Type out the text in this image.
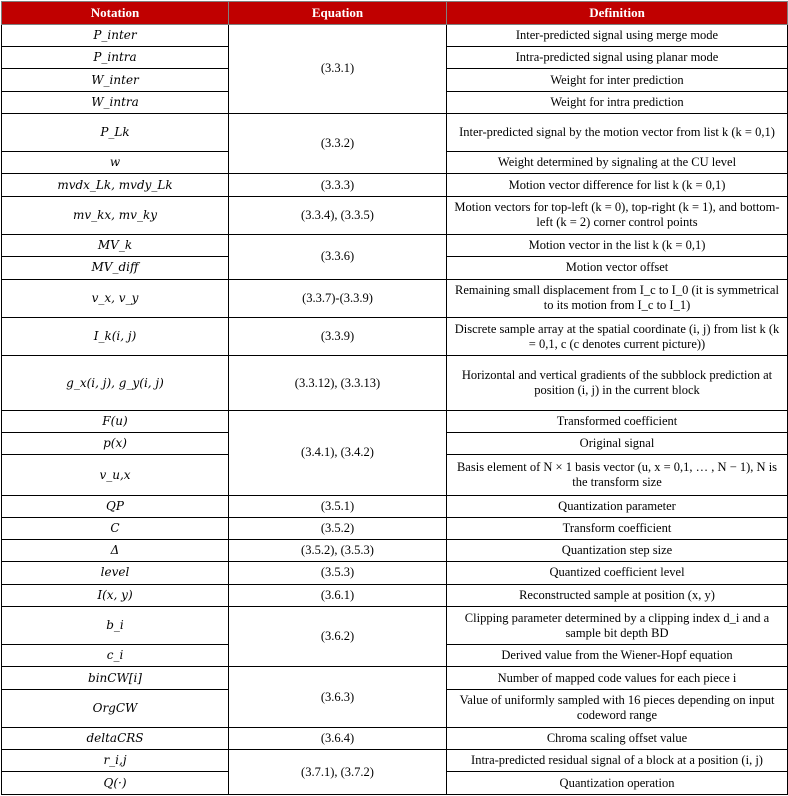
Notation	Equation	Definition
P_inter	(3.3.1)	Inter-predicted signal using merge mode
P_intra		Intra-predicted signal using planar mode
W_inter		Weight for inter prediction
W_intra		Weight for intra prediction
P_Lk	(3.3.2)	Inter-predicted signal by the motion vector from list k (k = 0,1)
w		Weight determined by signaling at the CU level
mvdx_Lk, mvdy_Lk	(3.3.3)	Motion vector difference for list k (k = 0,1)
mv_kx, mv_ky	(3.3.4), (3.3.5)	Motion vectors for top-left (k = 0), top-right (k = 1), and bottom-left (k = 2) corner control points
MV_k	(3.3.6)	Motion vector in the list k (k = 0,1)
MV_diff		Motion vector offset
v_x, v_y	(3.3.7)-(3.3.9)	Remaining small displacement from I_c to I_0 (it is symmetrical to its motion from I_c to I_1)
I_k(i, j)	(3.3.9)	Discrete sample array at the spatial coordinate (i, j) from list k (k = 0,1, c (c denotes current picture))
g_x(i, j), g_y(i, j)	(3.3.12), (3.3.13)	Horizontal and vertical gradients of the subblock prediction at position (i, j) in the current block
F(u)	(3.4.1), (3.4.2)	Transformed coefficient
p(x)		Original signal
v_u,x		Basis element of N × 1 basis vector (u, x = 0,1, … , N − 1), N is the transform size
QP	(3.5.1)	Quantization parameter
C	(3.5.2)	Transform coefficient
Δ	(3.5.2), (3.5.3)	Quantization step size
level	(3.5.3)	Quantized coefficient level
I(x, y)	(3.6.1)	Reconstructed sample at position (x, y)
b_i	(3.6.2)	Clipping parameter determined by a clipping index d_i and a sample bit depth BD
c_i		Derived value from the Wiener-Hopf equation
binCW[i]	(3.6.3)	Number of mapped code values for each piece i
OrgCW		Value of uniformly sampled with 16 pieces depending on input codeword range
deltaCRS	(3.6.4)	Chroma scaling offset value
r_i,j	(3.7.1), (3.7.2)	Intra-predicted residual signal of a block at a position (i, j)
Q(·)		Quantization operation
